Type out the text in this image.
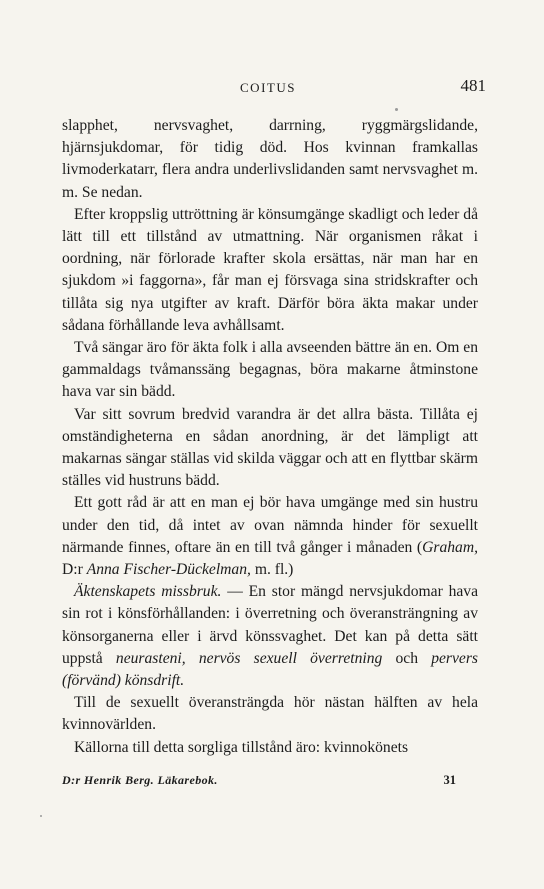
COITUS	481

slapphet, nervsvaghet, darrning, ryggmärgslidande, hjärnsjukdomar, för tidig död. Hos kvinnan framkallas livmoderkatarr, flera andra underlivslidanden samt nervsvaghet m. m. Se nedan.

Efter kroppslig uttröttning är könsumgänge skadligt och leder då lätt till ett tillstånd av utmattning. När organismen råkat i oordning, när förlorade krafter skola ersättas, när man har en sjukdom »i faggorna», får man ej försvaga sina stridskrafter och tillåta sig nya utgifter av kraft. Därför böra äkta makar under sådana förhållande leva avhållsamt.

Två sängar äro för äkta folk i alla avseenden bättre än en. Om en gammaldags tvåmanssäng begagnas, böra makarne åtminstone hava var sin bädd.

Var sitt sovrum bredvid varandra är det allra bästa. Tillåta ej omständigheterna en sådan anordning, är det lämpligt att makarnas sängar ställas vid skilda väggar och att en flyttbar skärm ställes vid hustruns bädd.

Ett gott råd är att en man ej bör hava umgänge med sin hustru under den tid, då intet av ovan nämnda hinder för sexuellt närmande finnes, oftare än en till två gånger i månaden (Graham, D:r Anna Fischer-Dückelman, m. fl.)

Äktenskapets missbruk. — En stor mängd nervsjukdomar hava sin rot i könsförhållanden: i överretning och överansträngning av könsorganerna eller i ärvd könssvaghet. Det kan på detta sätt uppstå neurasteni, nervös sexuell överretning och pervers (förvänd) könsdrift.

Till de sexuellt överansträngda hör nästan hälften av hela kvinnovärlden.

Källorna till detta sorgliga tillstånd äro: kvinnokönets

D:r Henrik Berg. Läkarebok.	31
